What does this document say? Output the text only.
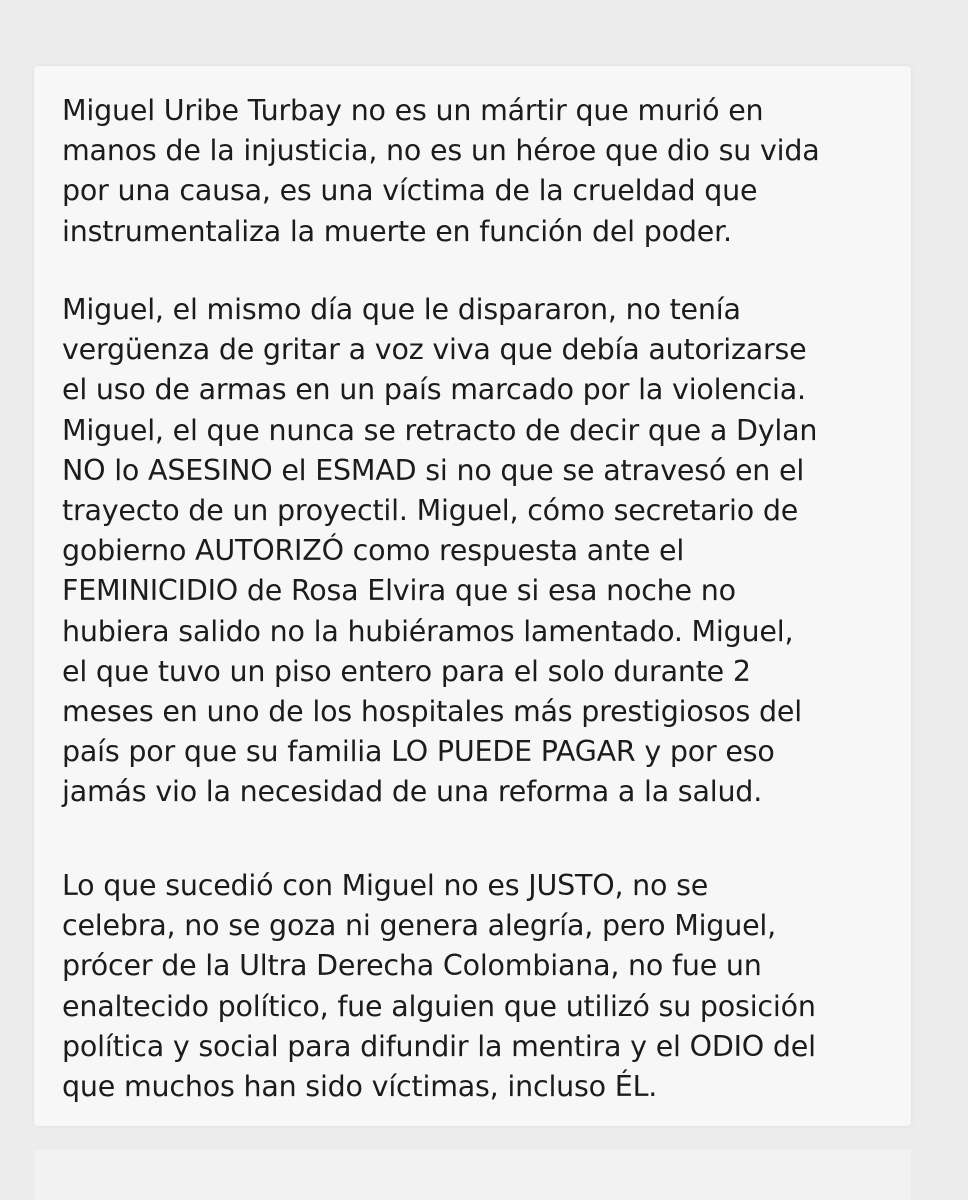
Miguel Uribe Turbay no es un mártir que murió en
manos de la injusticia, no es un héroe que dio su vida
por una causa, es una víctima de la crueldad que
instrumentaliza la muerte en función del poder.

Miguel, el mismo día que le dispararon, no tenía
vergüenza de gritar a voz viva que debía autorizarse
el uso de armas en un país marcado por la violencia.
Miguel, el que nunca se retracto de decir que a Dylan
NO lo ASESINO el ESMAD si no que se atravesó en el
trayecto de un proyectil. Miguel, cómo secretario de
gobierno AUTORIZÓ como respuesta ante el
FEMINICIDIO de Rosa Elvira que si esa noche no
hubiera salido no la hubiéramos lamentado. Miguel,
el que tuvo un piso entero para el solo durante 2
meses en uno de los hospitales más prestigiosos del
país por que su familia LO PUEDE PAGAR y por eso
jamás vio la necesidad de una reforma a la salud.

Lo que sucedió con Miguel no es JUSTO, no se
celebra, no se goza ni genera alegría, pero Miguel,
prócer de la Ultra Derecha Colombiana, no fue un
enaltecido político, fue alguien que utilizó su posición
política y social para difundir la mentira y el ODIO del
que muchos han sido víctimas, incluso ÉL.
